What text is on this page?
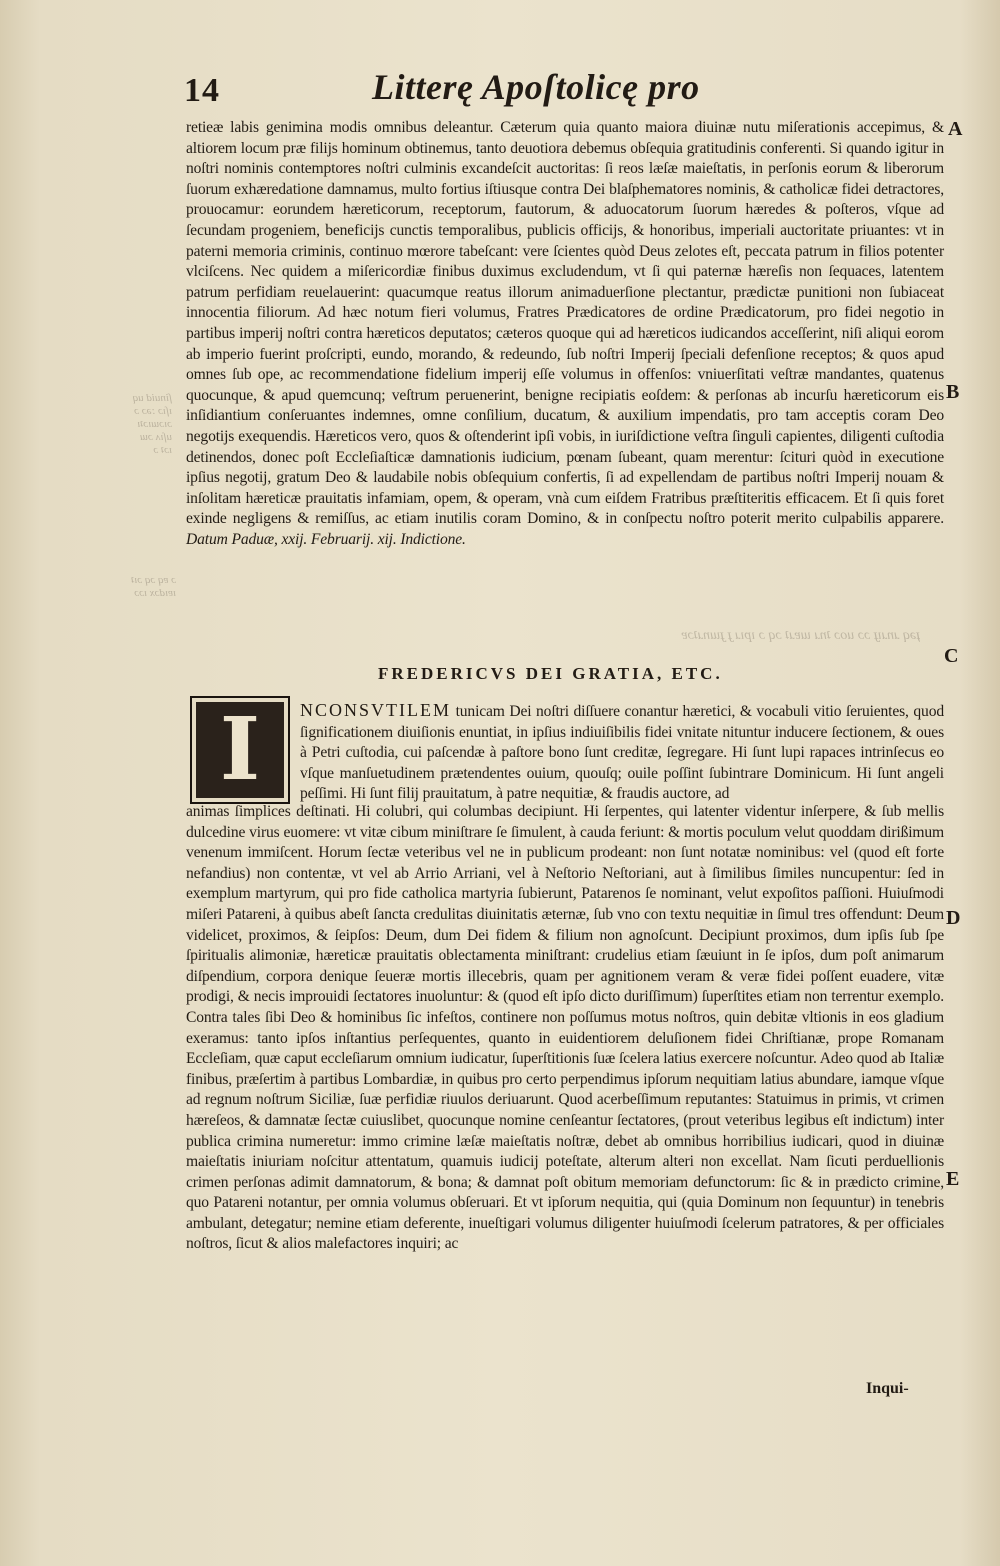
ſinuid uq
ıſıɔ :əɔ ɔ
ɔıɔɯıɔʇı
uſıʌ ɔɯ
ıɔʇ ɔ
ɔ ɐq ɔq ɔıʇ
ıɐıdɔx ıɔɔ
ɟəq ɹnɹıɟ ɔɔ uoɔ ʇnɹ ɯɐɹʇ ɔq ɔ ıpıɹ ɟ ɟɯnɹʇɔɐ
14	Litterę Apoſtolicę pro
A
B
C
D
E

retieæ labis genimina modis omnibus deleantur. Cæterum quia quanto maiora diuinæ nutu miſerationis accepimus, & altiorem locum præ filijs hominum obtinemus, tanto deuotiora debemus obſequia gratitudinis conferenti. Si quando igitur in noſtri nominis contemptores noſtri culminis excandeſcit auctoritas: ſi reos læſæ maieſtatis, in perſonis eorum & liberorum ſuorum exhæredatione damnamus, multo fortius iſtiusque contra Dei blaſphematores nominis, & catholicæ fidei detractores, prouocamur: eorundem hæreticorum, receptorum, fautorum, & aduocatorum ſuorum hæredes & poſteros, vſque ad ſecundam progeniem, beneficijs cunctis temporalibus, publicis officijs, & honoribus, imperiali auctoritate priuantes: vt in paterni memoria criminis, continuo mœrore tabeſcant: vere ſcientes quòd Deus zelotes eſt, peccata patrum in filios potenter vlciſcens. Nec quidem a miſericordiæ finibus duximus excludendum, vt ſi qui paternæ hæreſis non ſequaces, latentem patrum perfidiam reuelauerint: quacumque reatus illorum animaduerſione plectantur, prædictæ punitioni non ſubiaceat innocentia filiorum. Ad hæc notum fieri volumus, Fratres Prædicatores de ordine Prædicatorum, pro fidei negotio in partibus imperij noſtri contra hæreticos deputatos; cæteros quoque qui ad hæreticos iudicandos acceſſerint, niſi aliqui eorom ab imperio fuerint proſcripti, eundo, morando, & redeundo, ſub noſtri Imperij ſpeciali defenſione receptos; & quos apud omnes ſub ope, ac recommendatione fidelium imperij eſſe volumus in offenſos: vniuerſitati veſtræ mandantes, quatenus quocunque, & apud quemcunq; veſtrum peruenerint, benigne recipiatis eoſdem: & perſonas ab incurſu hæreticorum eis inſidiantium conſeruantes indemnes, omne conſilium, ducatum, & auxilium impendatis, pro tam acceptis coram Deo negotijs exequendis. Hæreticos vero, quos & oſtenderint ipſi vobis, in iuriſdictione veſtra ſinguli capientes, diligenti cuſtodia detinendos, donec poſt Eccleſiaſticæ damnationis iudicium, pœnam ſubeant, quam merentur: ſcituri quòd in executione ipſius negotij, gratum Deo & laudabile nobis obſequium confertis, ſi ad expellendam de partibus noſtri Imperij nouam & inſolitam hæreticæ prauitatis infamiam, opem, & operam, vnà cum eiſdem Fratribus præſtiteritis efficacem. Et ſi quis foret exinde negligens & remiſſus, ac etiam inutilis coram Domino, & in conſpectu noſtro poterit merito culpabilis apparere. Datum Paduæ, xxij. Februarij. xij. Indictione.

FREDERICVS DEI GRATIA, ETC.
I	NCONSVTILEM tunicam Dei noſtri diſſuere conantur hæretici, & vocabuli vitio ſeruientes, quod ſignificationem diuiſionis enuntiat, in ipſius indiuiſibilis fidei vnitate nituntur inducere ſectionem, & oues à Petri cuſtodia, cui paſcendæ à paſtore bono ſunt creditæ, ſegregare. Hi ſunt lupi rapaces intrinſecus eo vſque manſuetudinem prætendentes ouium, quouſq; ouile poſſint ſubintrare Dominicum. Hi ſunt angeli peſſimi. Hi ſunt filij prauitatum, à patre nequitiæ, & fraudis auctore, ad

animas ſimplices deſtinati. Hi colubri, qui columbas decipiunt. Hi ſerpentes, qui latenter videntur inſerpere, & ſub mellis dulcedine virus euomere: vt vitæ cibum miniſtrare ſe ſimulent, à cauda feriunt: & mortis poculum velut quoddam dirißimum venenum immiſcent. Horum ſectæ veteribus vel ne in publicum prodeant: non ſunt notatæ nominibus: vel (quod eſt forte nefandius) non contentæ, vt vel ab Arrio Arriani, vel à Neſtorio Neſtoriani, aut à ſimilibus ſimiles nuncupentur: ſed in exemplum martyrum, qui pro fide catholica martyria ſubierunt, Patarenos ſe nominant, velut expoſitos paſſioni. Huiuſmodi miſeri Patareni, à quibus abeſt ſancta credulitas diuinitatis æternæ, ſub vno con textu nequitiæ in ſimul tres offendunt: Deum videlicet, proximos, & ſeipſos: Deum, dum Dei fidem & filium non agnoſcunt. Decipiunt proximos, dum ipſis ſub ſpe ſpiritualis alimoniæ, hæreticæ prauitatis oblectamenta miniſtrant: crudelius etiam ſæuiunt in ſe ipſos, dum poſt animarum diſpendium, corpora denique ſeueræ mortis illecebris, quam per agnitionem veram & veræ fidei poſſent euadere, vitæ prodigi, & necis improuidi ſectatores inuoluntur: & (quod eſt ipſo dicto duriſſimum) ſuperſtites etiam non terrentur exemplo. Contra tales ſibi Deo & hominibus ſic infeſtos, continere non poſſumus motus noſtros, quin debitæ vltionis in eos gladium exeramus: tanto ipſos inſtantius perſequentes, quanto in euidentiorem deluſionem fidei Chriſtianæ, prope Romanam Eccleſiam, quæ caput eccleſiarum omnium iudicatur, ſuperſtitionis ſuæ ſcelera latius exercere noſcuntur. Adeo quod ab Italiæ finibus, præſertim à partibus Lombardiæ, in quibus pro certo perpendimus ipſorum nequitiam latius abundare, iamque vſque ad regnum noſtrum Siciliæ, ſuæ perfidiæ riuulos deriuarunt. Quod acerbeſſimum reputantes: Statuimus in primis, vt crimen hæreſeos, & damnatæ ſectæ cuiuslibet, quocunque nomine cenſeantur ſectatores, (prout veteribus legibus eſt indictum) inter publica crimina numeretur: immo crimine læſæ maieſtatis noſtræ, debet ab omnibus horribilius iudicari, quod in diuinæ maieſtatis iniuriam noſcitur attentatum, quamuis iudicij poteſtate, alterum alteri non excellat. Nam ſicuti perduellionis crimen perſonas adimit damnatorum, & bona; & damnat poſt obitum memoriam defunctorum: ſic & in prædicto crimine, quo Patareni notantur, per omnia volumus obſeruari. Et vt ipſorum nequitia, qui (quia Dominum non ſequuntur) in tenebris ambulant, detegatur; nemine etiam deferente, inueſtigari volumus diligenter huiuſmodi ſcelerum patratores, & per officiales noſtros, ſicut & alios malefactores inquiri; ac

Inqui-
